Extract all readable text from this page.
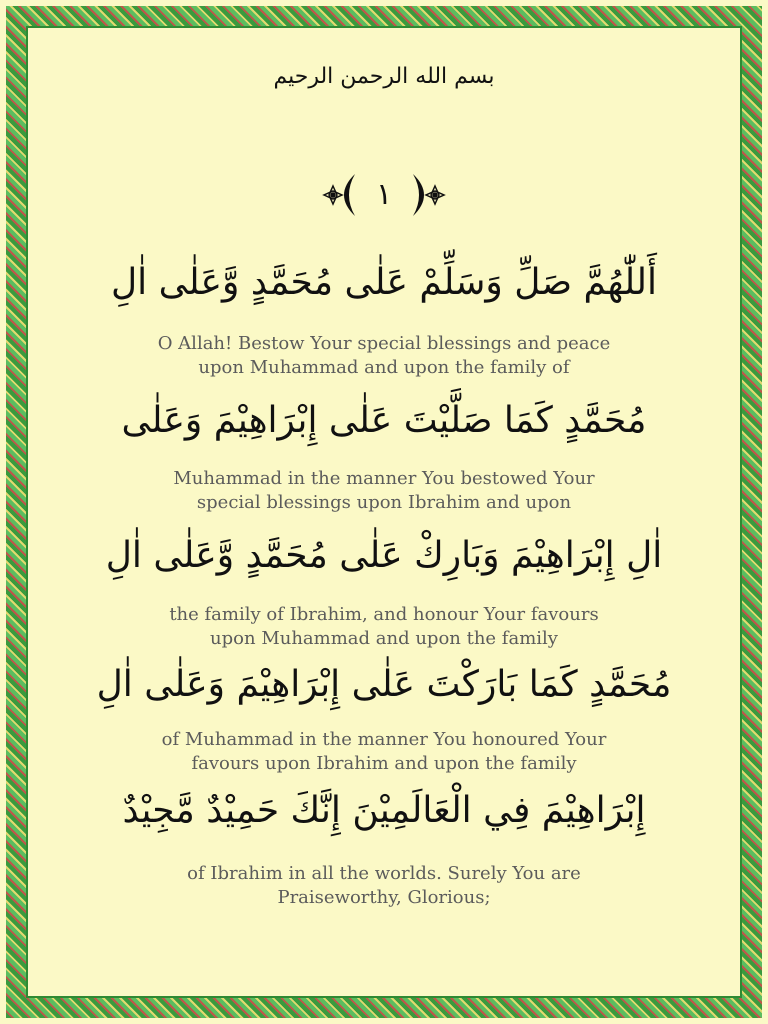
بسم الله الرحمن الرحيم
١
أَللّٰهُمَّ صَلِّ وَسَلِّمْ عَلٰى مُحَمَّدٍ وَّعَلٰى اٰلِ
O Allah! Bestow Your special blessings and peace
upon Muhammad and upon the family of
مُحَمَّدٍ كَمَا صَلَّيْتَ عَلٰى إِبْرَاهِيْمَ وَعَلٰى
Muhammad in the manner You bestowed Your
special blessings upon Ibrahim and upon
اٰلِ إِبْرَاهِيْمَ وَبَارِكْ عَلٰى مُحَمَّدٍ وَّعَلٰى اٰلِ
the family of Ibrahim, and honour Your favours
upon Muhammad and upon the family
مُحَمَّدٍ كَمَا بَارَكْتَ عَلٰى إِبْرَاهِيْمَ وَعَلٰى اٰلِ
of Muhammad in the manner You honoured Your
favours upon Ibrahim and upon the family
إِبْرَاهِيْمَ فِي الْعَالَمِيْنَ إِنَّكَ حَمِيْدٌ مَّجِيْدٌ
of Ibrahim in all the worlds. Surely You are
Praiseworthy, Glorious;
